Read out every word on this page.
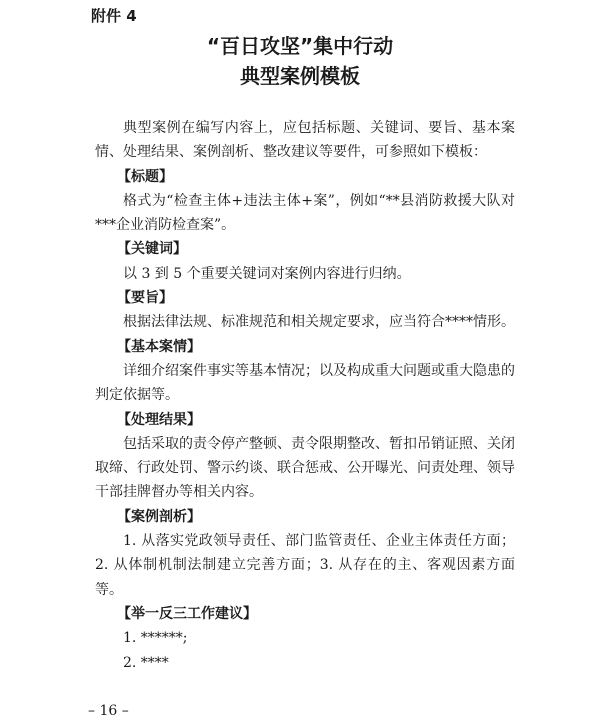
附件 4
“百日攻坚”集中行动
典型案例模板

典型案例在编写内容上，应包括标题、关键词、要旨、基本案情、处理结果、案例剖析、整改建议等要件，可参照如下模板：

【标题】

格式为“检查主体+违法主体+案”，例如“**县消防救援大队对***企业消防检查案”。

【关键词】

以 3 到 5 个重要关键词对案例内容进行归纳。

【要旨】

根据法律法规、标准规范和相关规定要求，应当符合****情形。

【基本案情】

详细介绍案件事实等基本情况；以及构成重大问题或重大隐患的判定依据等。

【处理结果】

包括采取的责令停产整顿、责令限期整改、暂扣吊销证照、关闭取缔、行政处罚、警示约谈、联合惩戒、公开曝光、问责处理、领导干部挂牌督办等相关内容。

【案例剖析】

1. 从落实党政领导责任、部门监管责任、企业主体责任方面；2. 从体制机制法制建立完善方面；3. 从存在的主、客观因素方面等。

【举一反三工作建议】

1. ******;

2. ****

– 16 –
